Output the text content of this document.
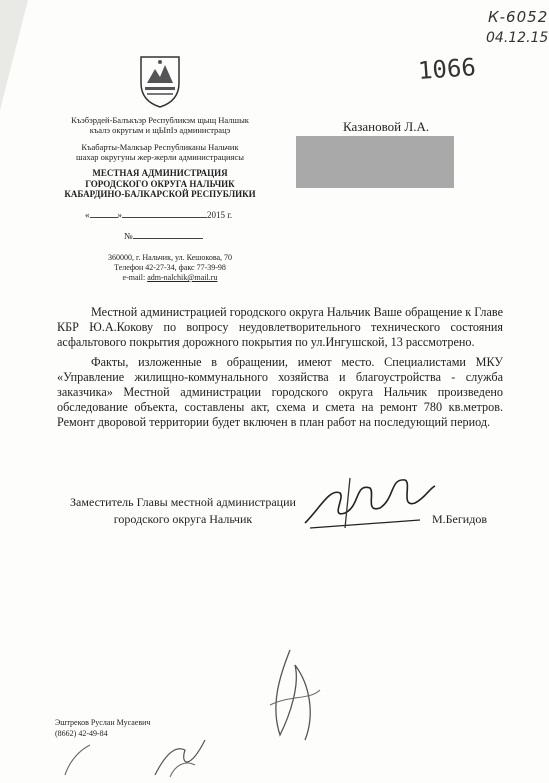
К-6052
04.12.15
1066
Къэбэрдей-Балъкъэр Республикэм щыщ Налшык
къалэ округым и щЫпIэ администрацэ
Къабарты-Малкъар Республиканы Нальчик
шахар округуны жер-жерли администрациясы
МЕСТНАЯ АДМИНИСТРАЦИЯ
ГОРОДСКОГО ОКРУГА НАЛЬЧИК
КАБАРДИНО-БАЛКАРСКОЙ РЕСПУБЛИКИ
«	»	2015 г.
№
360000, г. Нальчик, ул. Кешокова, 70
Телефон 42-27-34, факс 77-39-98
e-mail: adm-nalchik@mail.ru
Казановой Л.А.

Местной администрацией городского округа Нальчик Ваше обращение к Главе КБР Ю.А.Кокову по вопросу неудовлетворительного технического состояния асфальтового покрытия дорожного покрытия по ул.Ингушской, 13 рассмотрено.

Факты, изложенные в обращении, имеют место. Специалистами МКУ «Управление жилищно-коммунального хозяйства и благоустройства - служба заказчика» Местной администрации городского округа Нальчик произведено обследование объекта, составлены акт, схема и смета на ремонт 780 кв.метров. Ремонт дворовой территории будет включен в план работ на последующий период.

Заместитель Главы местной администрации
городского округа Нальчик	М.Бегидов
Эштреков Руслан Мусаевич
(8662) 42-49-84
